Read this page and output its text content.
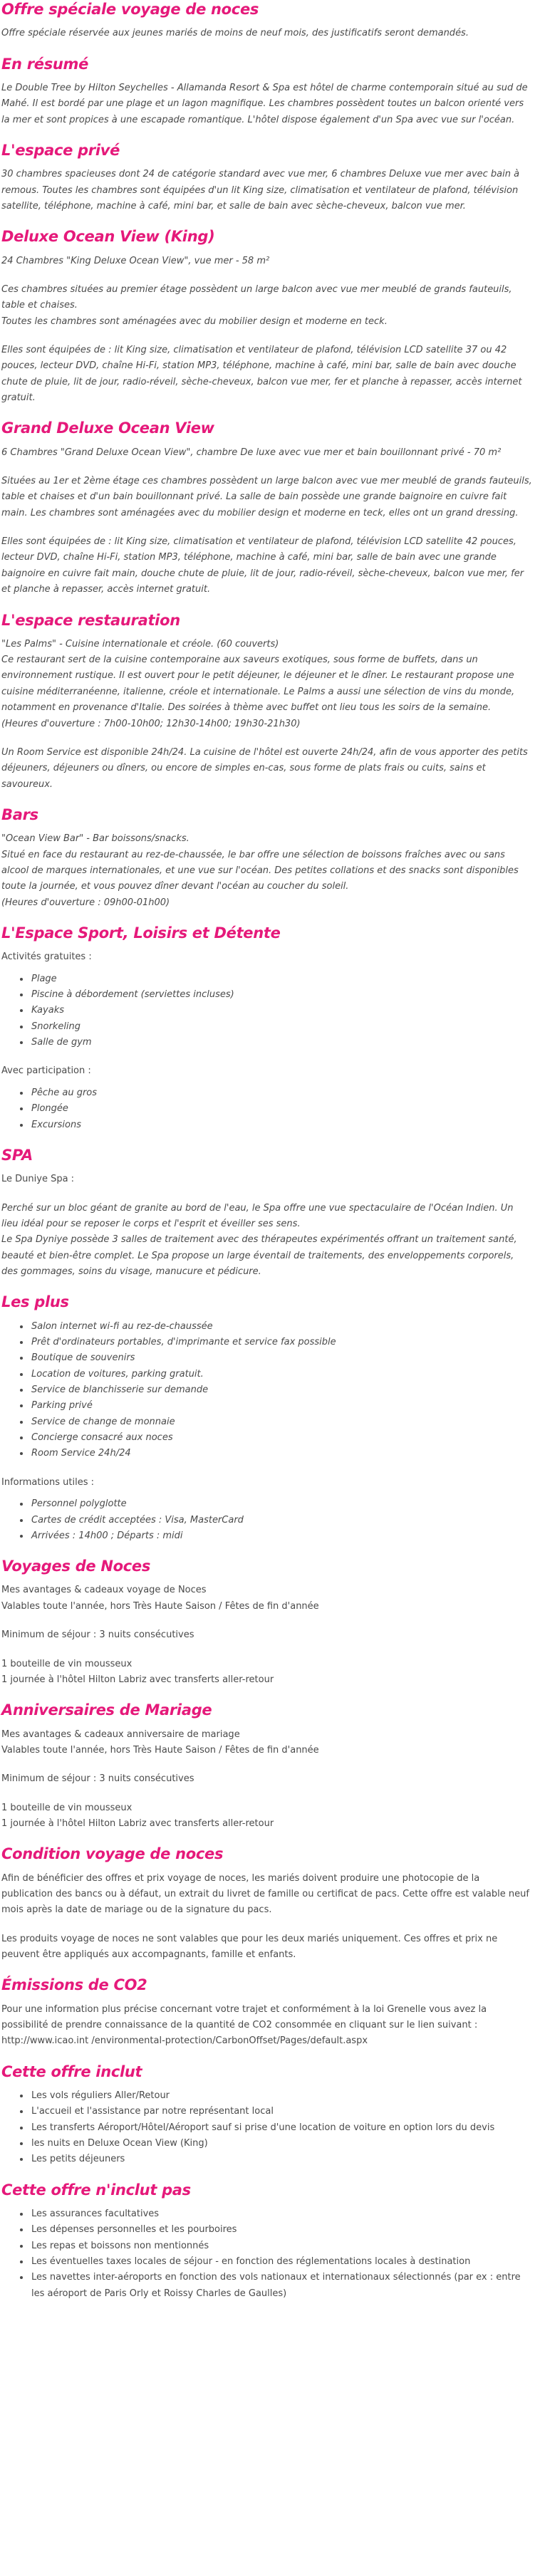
Offre spéciale voyage de noces

Offre spéciale réservée aux jeunes mariés de moins de neuf mois, des justificatifs seront demandés.

En résumé

Le Double Tree by Hilton Seychelles - Allamanda Resort & Spa est hôtel de charme contemporain situé au sud de Mahé. Il est bordé par une plage et un lagon magnifique. Les chambres possèdent toutes un balcon orienté vers la mer et sont propices à une escapade romantique. L'hôtel dispose également d'un Spa avec vue sur l'océan.

L'espace privé

30 chambres spacieuses dont 24 de catégorie standard avec vue mer, 6 chambres Deluxe vue mer avec bain à remous. Toutes les chambres sont équipées d'un lit King size, climatisation et ventilateur de plafond, télévision satellite, téléphone, machine à café, mini bar, et salle de bain avec sèche-cheveux, balcon vue mer.

Deluxe Ocean View (King)

24 Chambres "King Deluxe Ocean View", vue mer - 58 m²

Ces chambres situées au premier étage possèdent un large balcon avec vue mer meublé de grands fauteuils, table et chaises.
Toutes les chambres sont aménagées avec du mobilier design et moderne en teck.

Elles sont équipées de : lit King size, climatisation et ventilateur de plafond, télévision LCD satellite 37 ou 42 pouces, lecteur DVD, chaîne Hi-Fi, station MP3, téléphone, machine à café, mini bar, salle de bain avec douche chute de pluie, lit de jour, radio-réveil, sèche-cheveux, balcon vue mer, fer et planche à repasser, accès internet gratuit.

Grand Deluxe Ocean View

6 Chambres "Grand Deluxe Ocean View", chambre De luxe avec vue mer et bain bouillonnant privé - 70 m²

Situées au 1er et 2ème étage ces chambres possèdent un large balcon avec vue mer meublé de grands fauteuils, table et chaises et d'un bain bouillonnant privé. La salle de bain possède une grande baignoire en cuivre fait main. Les chambres sont aménagées avec du mobilier design et moderne en teck, elles ont un grand dressing.

Elles sont équipées de : lit King size, climatisation et ventilateur de plafond, télévision LCD satellite 42 pouces, lecteur DVD, chaîne Hi-Fi, station MP3, téléphone, machine à café, mini bar, salle de bain avec une grande baignoire en cuivre fait main, douche chute de pluie, lit de jour, radio-réveil, sèche-cheveux, balcon vue mer, fer et planche à repasser, accès internet gratuit.

L'espace restauration

"Les Palms" - Cuisine internationale et créole. (60 couverts)
Ce restaurant sert de la cuisine contemporaine aux saveurs exotiques, sous forme de buffets, dans un environnement rustique. Il est ouvert pour le petit déjeuner, le déjeuner et le dîner. Le restaurant propose une cuisine méditerranéenne, italienne, créole et internationale. Le Palms a aussi une sélection de vins du monde, notamment en provenance d'Italie. Des soirées à thème avec buffet ont lieu tous les soirs de la semaine.
(Heures d'ouverture : 7h00-10h00; 12h30-14h00; 19h30-21h30)

Un Room Service est disponible 24h/24. La cuisine de l'hôtel est ouverte 24h/24, afin de vous apporter des petits déjeuners, déjeuners ou dîners, ou encore de simples en-cas, sous forme de plats frais ou cuits, sains et savoureux.

Bars

"Ocean View Bar" - Bar boissons/snacks.
Situé en face du restaurant au rez-de-chaussée, le bar offre une sélection de boissons fraîches avec ou sans alcool de marques internationales, et une vue sur l'océan. Des petites collations et des snacks sont disponibles toute la journée, et vous pouvez dîner devant l'océan au coucher du soleil.
(Heures d'ouverture : 09h00-01h00)

L'Espace Sport, Loisirs et Détente

Activités gratuites :

• Plage
• Piscine à débordement (serviettes incluses)
• Kayaks
• Snorkeling
• Salle de gym

Avec participation :

• Pêche au gros
• Plongée
• Excursions
SPA

Le Duniye Spa :

Perché sur un bloc géant de granite au bord de l'eau, le Spa offre une vue spectaculaire de l'Océan Indien. Un lieu idéal pour se reposer le corps et l'esprit et éveiller ses sens.
Le Spa Dyniye possède 3 salles de traitement avec des thérapeutes expérimentés offrant un traitement santé, beauté et bien-être complet. Le Spa propose un large éventail de traitements, des enveloppements corporels, des gommages, soins du visage, manucure et pédicure.

Les plus
• Salon internet wi-fi au rez-de-chaussée
• Prêt d'ordinateurs portables, d'imprimante et service fax possible
• Boutique de souvenirs
• Location de voitures, parking gratuit.
• Service de blanchisserie sur demande
• Parking privé
• Service de change de monnaie
• Concierge consacré aux noces
• Room Service 24h/24

Informations utiles :

• Personnel polyglotte
• Cartes de crédit acceptées : Visa, MasterCard
• Arrivées : 14h00 ; Départs : midi
Voyages de Noces

Mes avantages & cadeaux voyage de Noces
Valables toute l'année, hors Très Haute Saison / Fêtes de fin d'année

Minimum de séjour : 3 nuits consécutives

1 bouteille de vin mousseux
1 journée à l'hôtel Hilton Labriz avec transferts aller-retour

Anniversaires de Mariage

Mes avantages & cadeaux anniversaire de mariage
Valables toute l'année, hors Très Haute Saison / Fêtes de fin d'année

Minimum de séjour : 3 nuits consécutives

1 bouteille de vin mousseux
1 journée à l'hôtel Hilton Labriz avec transferts aller-retour

Condition voyage de noces

Afin de bénéficier des offres et prix voyage de noces, les mariés doivent produire une photocopie de la publication des bancs ou à défaut, un extrait du livret de famille ou certificat de pacs. Cette offre est valable neuf mois après la date de mariage ou de la signature du pacs.

Les produits voyage de noces ne sont valables que pour les deux mariés uniquement. Ces offres et prix ne peuvent être appliqués aux accompagnants, famille et enfants.

Émissions de CO2

Pour une information plus précise concernant votre trajet et conformément à la loi Grenelle vous avez la possibilité de prendre connaissance de la quantité de CO2 consommée en cliquant sur le lien suivant : http://www.icao.int /environmental-protection/CarbonOffset/Pages/default.aspx

Cette offre inclut
• Les vols réguliers Aller/Retour
• L'accueil et l'assistance par notre représentant local
• Les transferts Aéroport/Hôtel/Aéroport sauf si prise d'une location de voiture en option lors du devis
• les nuits en Deluxe Ocean View (King)
• Les petits déjeuners
Cette offre n'inclut pas
• Les assurances facultatives
• Les dépenses personnelles et les pourboires
• Les repas et boissons non mentionnés
• Les éventuelles taxes locales de séjour - en fonction des réglementations locales à destination
• Les navettes inter-aéroports en fonction des vols nationaux et internationaux sélectionnés (par ex : entre les aéroport de Paris Orly et Roissy Charles de Gaulles)
